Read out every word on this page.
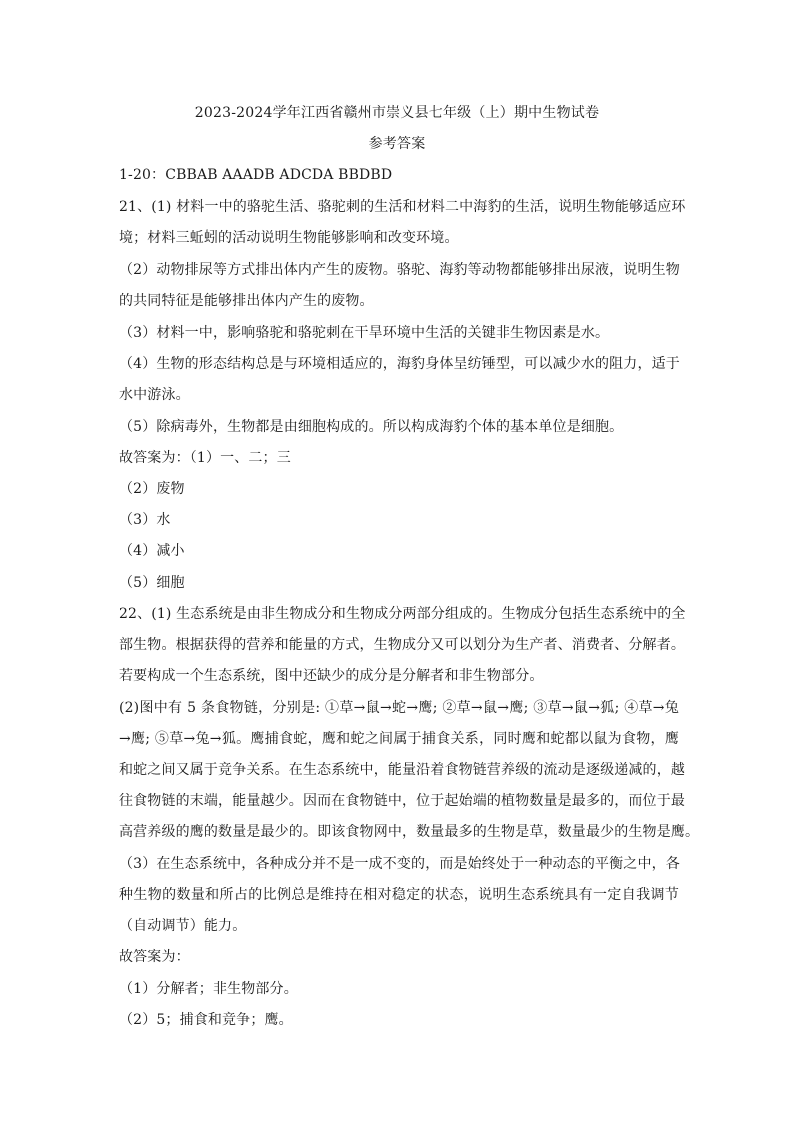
2023-2024学年江西省赣州市崇义县七年级（上）期中生物试卷
参考答案
1-20：CBBAB AAADB ADCDA BBDBD
21、(1) 材料一中的骆驼生活、骆驼刺的生活和材料二中海豹的生活，说明生物能够适应环
境；材料三蚯蚓的活动说明生物能够影响和改变环境。
（2）动物排尿等方式排出体内产生的废物。骆驼、海豹等动物都能够排出尿液，说明生物
的共同特征是能够排出体内产生的废物。
（3）材料一中，影响骆驼和骆驼刺在干旱环境中生活的关键非生物因素是水。
（4）生物的形态结构总是与环境相适应的，海豹身体呈纺锤型，可以减少水的阻力，适于
水中游泳。
（5）除病毒外，生物都是由细胞构成的。所以构成海豹个体的基本单位是细胞。
故答案为：（1）一、二；三
（2）废物
（3）水
（4）减小
（5）细胞
22、(1) 生态系统是由非生物成分和生物成分两部分组成的。生物成分包括生态系统中的全
部生物。根据获得的营养和能量的方式，生物成分又可以划分为生产者、消费者、分解者。
若要构成一个生态系统，图中还缺少的成分是分解者和非生物部分。
(2)图中有 5 条食物链，分别是: ①草→鼠→蛇→鹰; ②草→鼠→鹰; ③草→鼠→狐; ④草→兔
→鹰; ⑤草→兔→狐。鹰捕食蛇，鹰和蛇之间属于捕食关系，同时鹰和蛇都以鼠为食物，鹰
和蛇之间又属于竞争关系。在生态系统中，能量沿着食物链营养级的流动是逐级递减的，越
往食物链的末端，能量越少。因而在食物链中，位于起始端的植物数量是最多的，而位于最
高营养级的鹰的数量是最少的。即该食物网中，数量最多的生物是草，数量最少的生物是鹰。
（3）在生态系统中，各种成分并不是一成不变的，而是始终处于一种动态的平衡之中，各
种生物的数量和所占的比例总是维持在相对稳定的状态，说明生态系统具有一定自我调节
（自动调节）能力。
故答案为：
（1）分解者；非生物部分。
（2）5；捕食和竞争；鹰。
